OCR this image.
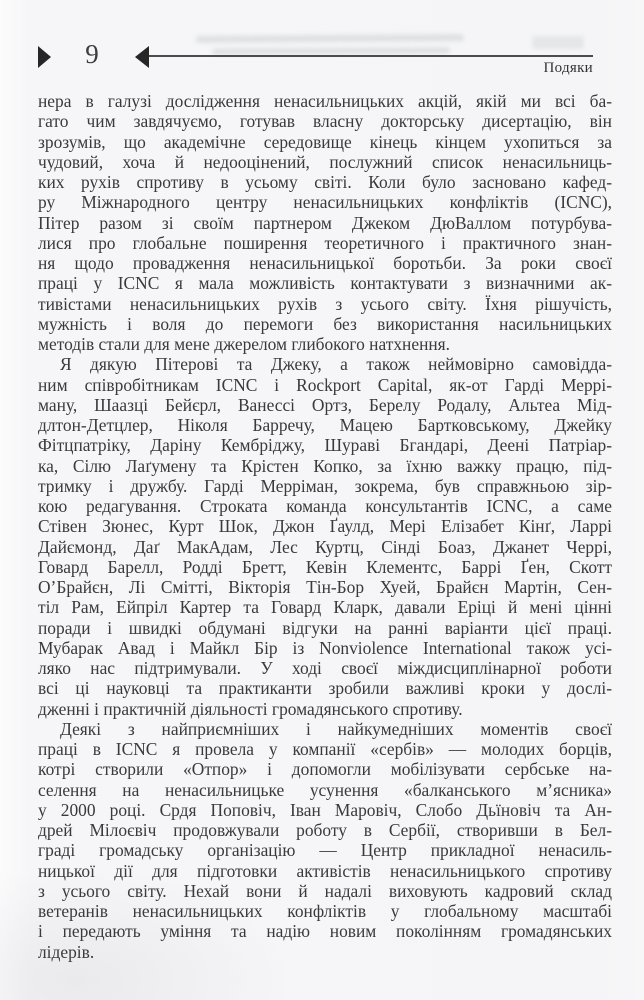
9	Подяки
нера в галузі дослідження ненасильницьких акцій, якій ми всі ба-
гато чим завдячуємо, готував власну докторську дисертацію, він
зрозумів, що академічне середовище кінець кінцем ухопиться за
чудовий, хоча й недооцінений, послужний список ненасильниць-
ких рухів спротиву в усьому світі. Коли було засновано кафед-
ру Міжнародного центру ненасильницьких конфліктів (ICNC),
Пітер разом зі своїм партнером Джеком ДюВаллом потурбува-
лися про глобальне поширення теоретичного і практичного знан-
ня щодо провадження ненасильницької боротьби. За роки своєї
праці у ICNC я мала можливість контактувати з визначними ак-
тивістами ненасильницьких рухів з усього світу. Їхня рішучість,
мужність і воля до перемоги без використання насильницьких
методів стали для мене джерелом глибокого натхнення.
Я дякую Пітерові та Джеку, а також неймовірно самовідда-
ним співробітникам ICNC і Rockport Capital, як-от Гарді Меррі-
ману, Шаазці Бейєрл, Ванессі Ортз, Берелу Родалу, Альтеа Мід-
длтон-Детцлер, Ніколя Барречу, Мацею Бартковському, Джейку
Фітцпатріку, Даріну Кембріджу, Шураві Бгандарі, Деені Патріар-
ка, Сілю Лаґумену та Крістен Копко, за їхню важку працю, під-
тримку і дружбу. Гарді Мерріман, зокрема, був справжньою зір-
кою редагування. Строката команда консультантів ICNC, а саме
Стівен Зюнес, Курт Шок, Джон Ґаулд, Мері Елізабет Кінґ, Ларрі
Дайємонд, Даґ МакАдам, Лес Куртц, Сінді Боаз, Джанет Черрі,
Говард Барелл, Родді Бретт, Кевін Клементс, Баррі Ґен, Скотт
О’Брайєн, Лі Смітті, Вікторія Тін-Бор Хуей, Брайєн Мартін, Сен-
тіл Рам, Ейпріл Картер та Говард Кларк, давали Еріці й мені цінні
поради і швидкі обдумані відгуки на ранні варіанти цієї праці.
Мубарак Авад і Майкл Бір із Nonviolence International також усі-
ляко нас підтримували. У ході своєї міждисциплінарної роботи
всі ці науковці та практиканти зробили важливі кроки у дослі-
дженні і практичній діяльності громадянського спротиву.
Деякі з найприємніших і найкумедніших моментів своєї
праці в ICNC я провела у компанії «сербів» — молодих борців,
котрі створили «Отпор» і допомогли мобілізувати сербське на-
селення на ненасильницьке усунення «балканського м’ясника»
у 2000 році. Срдя Поповіч, Іван Маровіч, Слобо Дьїновіч та Ан-
дрей Мілоєвіч продовжували роботу в Сербії, створивши в Бел-
граді громадську організацію — Центр прикладної ненасиль-
ницької дії для підготовки активістів ненасильницького спротиву
з усього світу. Нехай вони й надалі виховують кадровий склад
ветеранів ненасильницьких конфліктів у глобальному масштабі
і передають уміння та надію новим поколінням громадянських
лідерів.
